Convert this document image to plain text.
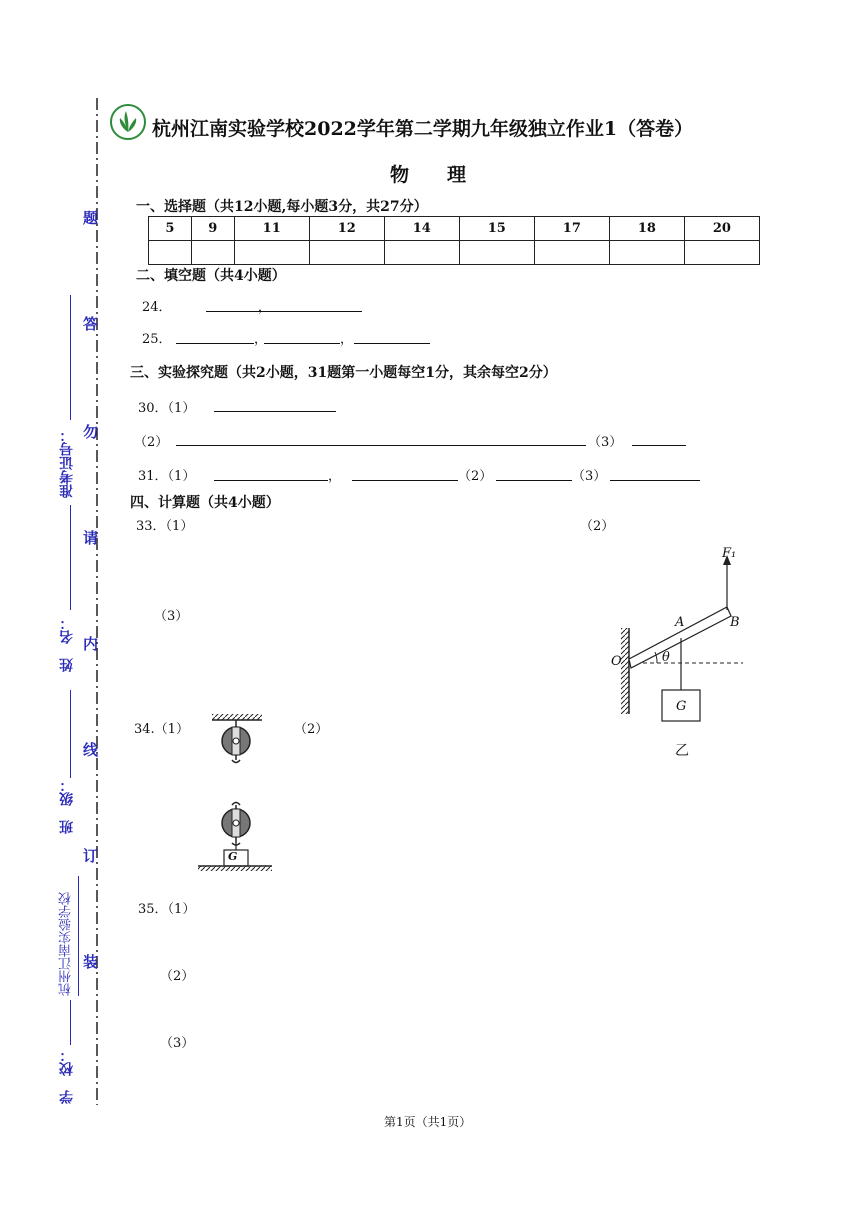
题
答
勿
请
内
线
订
装
准考证号：
姓　名：
班　级：
杭州江南实验学校
学　校：
杭州江南实验学校2022学年第二学期九年级独立作业1（答卷）
物　　理
一、选择题（共12小题,每小题3分，共27分）
5	9	11	12	14	15	17	18	20

二、填空题（共4小题）
24．	，
25．	，	，
三、实验探究题（共2小题，31题第一小题每空1分，其余每空2分）
30．（1）
（2）	（3）
31．（1）	，	（2）	（3）
四、计算题（共4小题）
33．（1）	（2）
（3）
F₁
A	B
O	θ
G
乙
34.（1）	（2）
G
35．（1）
（2）
（3）
第1页（共1页）
